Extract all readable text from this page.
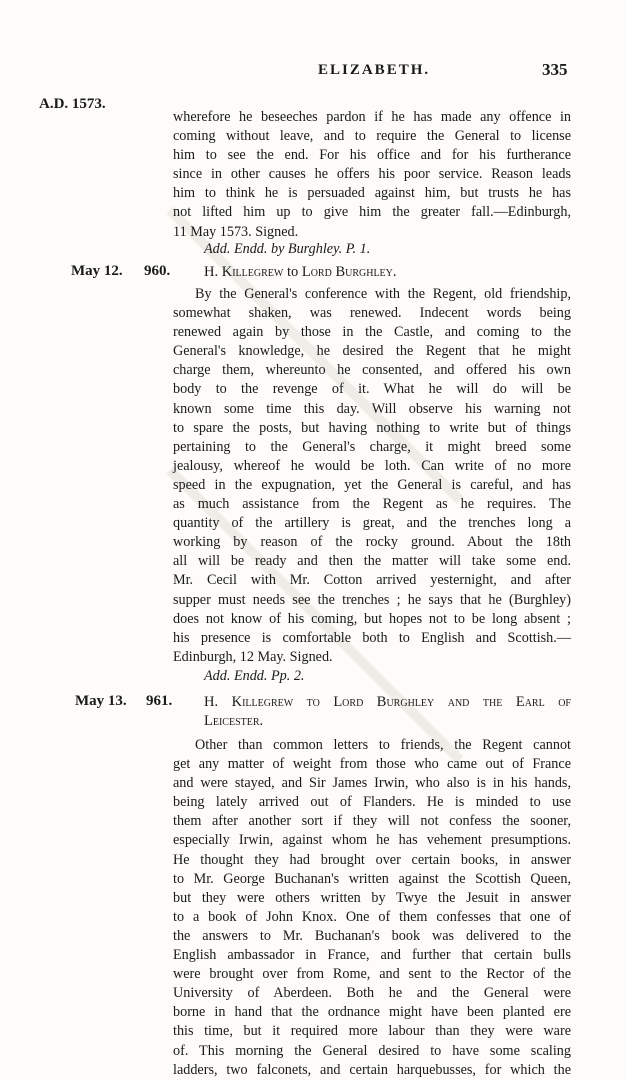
ELIZABETH.	335
A.D. 1573.
wherefore he beseeches pardon if he has made any offence in
coming without leave, and to require the General to license
him to see the end. For his office and for his furtherance
since in other causes he offers his poor service. Reason leads
him to think he is persuaded against him, but trusts he has
not lifted him up to give him the greater fall.—Edinburgh,
11 May 1573. Signed.
Add. Endd. by Burghley. P. 1.
May 12. 960. H. Killegrew to Lord Burghley.
By the General's conference with the Regent, old friendship,
somewhat shaken, was renewed. Indecent words being
renewed again by those in the Castle, and coming to the
General's knowledge, he desired the Regent that he might
charge them, whereunto he consented, and offered his own
body to the revenge of it. What he will do will be
known some time this day. Will observe his warning not
to spare the posts, but having nothing to write but of things
pertaining to the General's charge, it might breed some
jealousy, whereof he would be loth. Can write of no more
speed in the expugnation, yet the General is careful, and has
as much assistance from the Regent as he requires. The
quantity of the artillery is great, and the trenches long a
working by reason of the rocky ground. About the 18th
all will be ready and then the matter will take some end.
Mr. Cecil with Mr. Cotton arrived yesternight, and after
supper must needs see the trenches ; he says that he (Burghley)
does not know of his coming, but hopes not to be long absent ;
his presence is comfortable both to English and Scottish.—
Edinburgh, 12 May. Signed.
Add. Endd. Pp. 2.
May 13. 961. H. Killegrew to Lord Burghley and the Earl of
Leicester.
Other than common letters to friends, the Regent cannot
get any matter of weight from those who came out of France
and were stayed, and Sir James Irwin, who also is in his hands,
being lately arrived out of Flanders. He is minded to use
them after another sort if they will not confess the sooner,
especially Irwin, against whom he has vehement presumptions.
He thought they had brought over certain books, in answer
to Mr. George Buchanan's written against the Scottish Queen,
but they were others written by Twye the Jesuit in answer
to a book of John Knox. One of them confesses that one of
the answers to Mr. Buchanan's book was delivered to the
English ambassador in France, and further that certain bulls
were brought over from Rome, and sent to the Rector of the
University of Aberdeen. Both he and the General were
borne in hand that the ordnance might have been planted ere
this time, but it required more labour than they were ware
of. This morning the General desired to have some scaling
ladders, two falconets, and certain harquebusses, for which the
